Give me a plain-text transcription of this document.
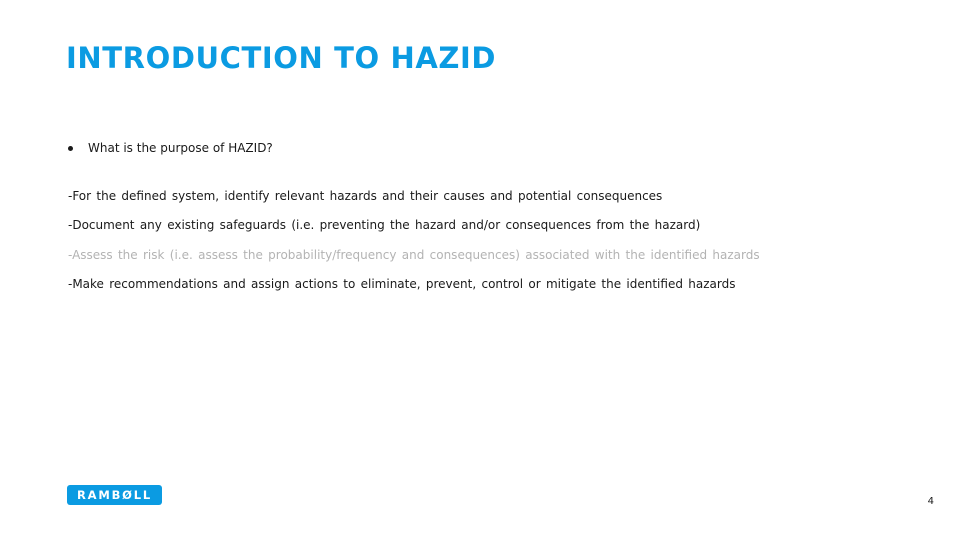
INTRODUCTION TO HAZID
What is the purpose of HAZID?
-For the defined system, identify relevant hazards and their causes and potential consequences
-Document any existing safeguards (i.e. preventing the hazard and/or consequences from the hazard)
-Assess the risk (i.e. assess the probability/frequency and consequences) associated with the identified hazards
-Make recommendations and assign actions to eliminate, prevent, control or mitigate the identified hazards
RAMBØLL	4
